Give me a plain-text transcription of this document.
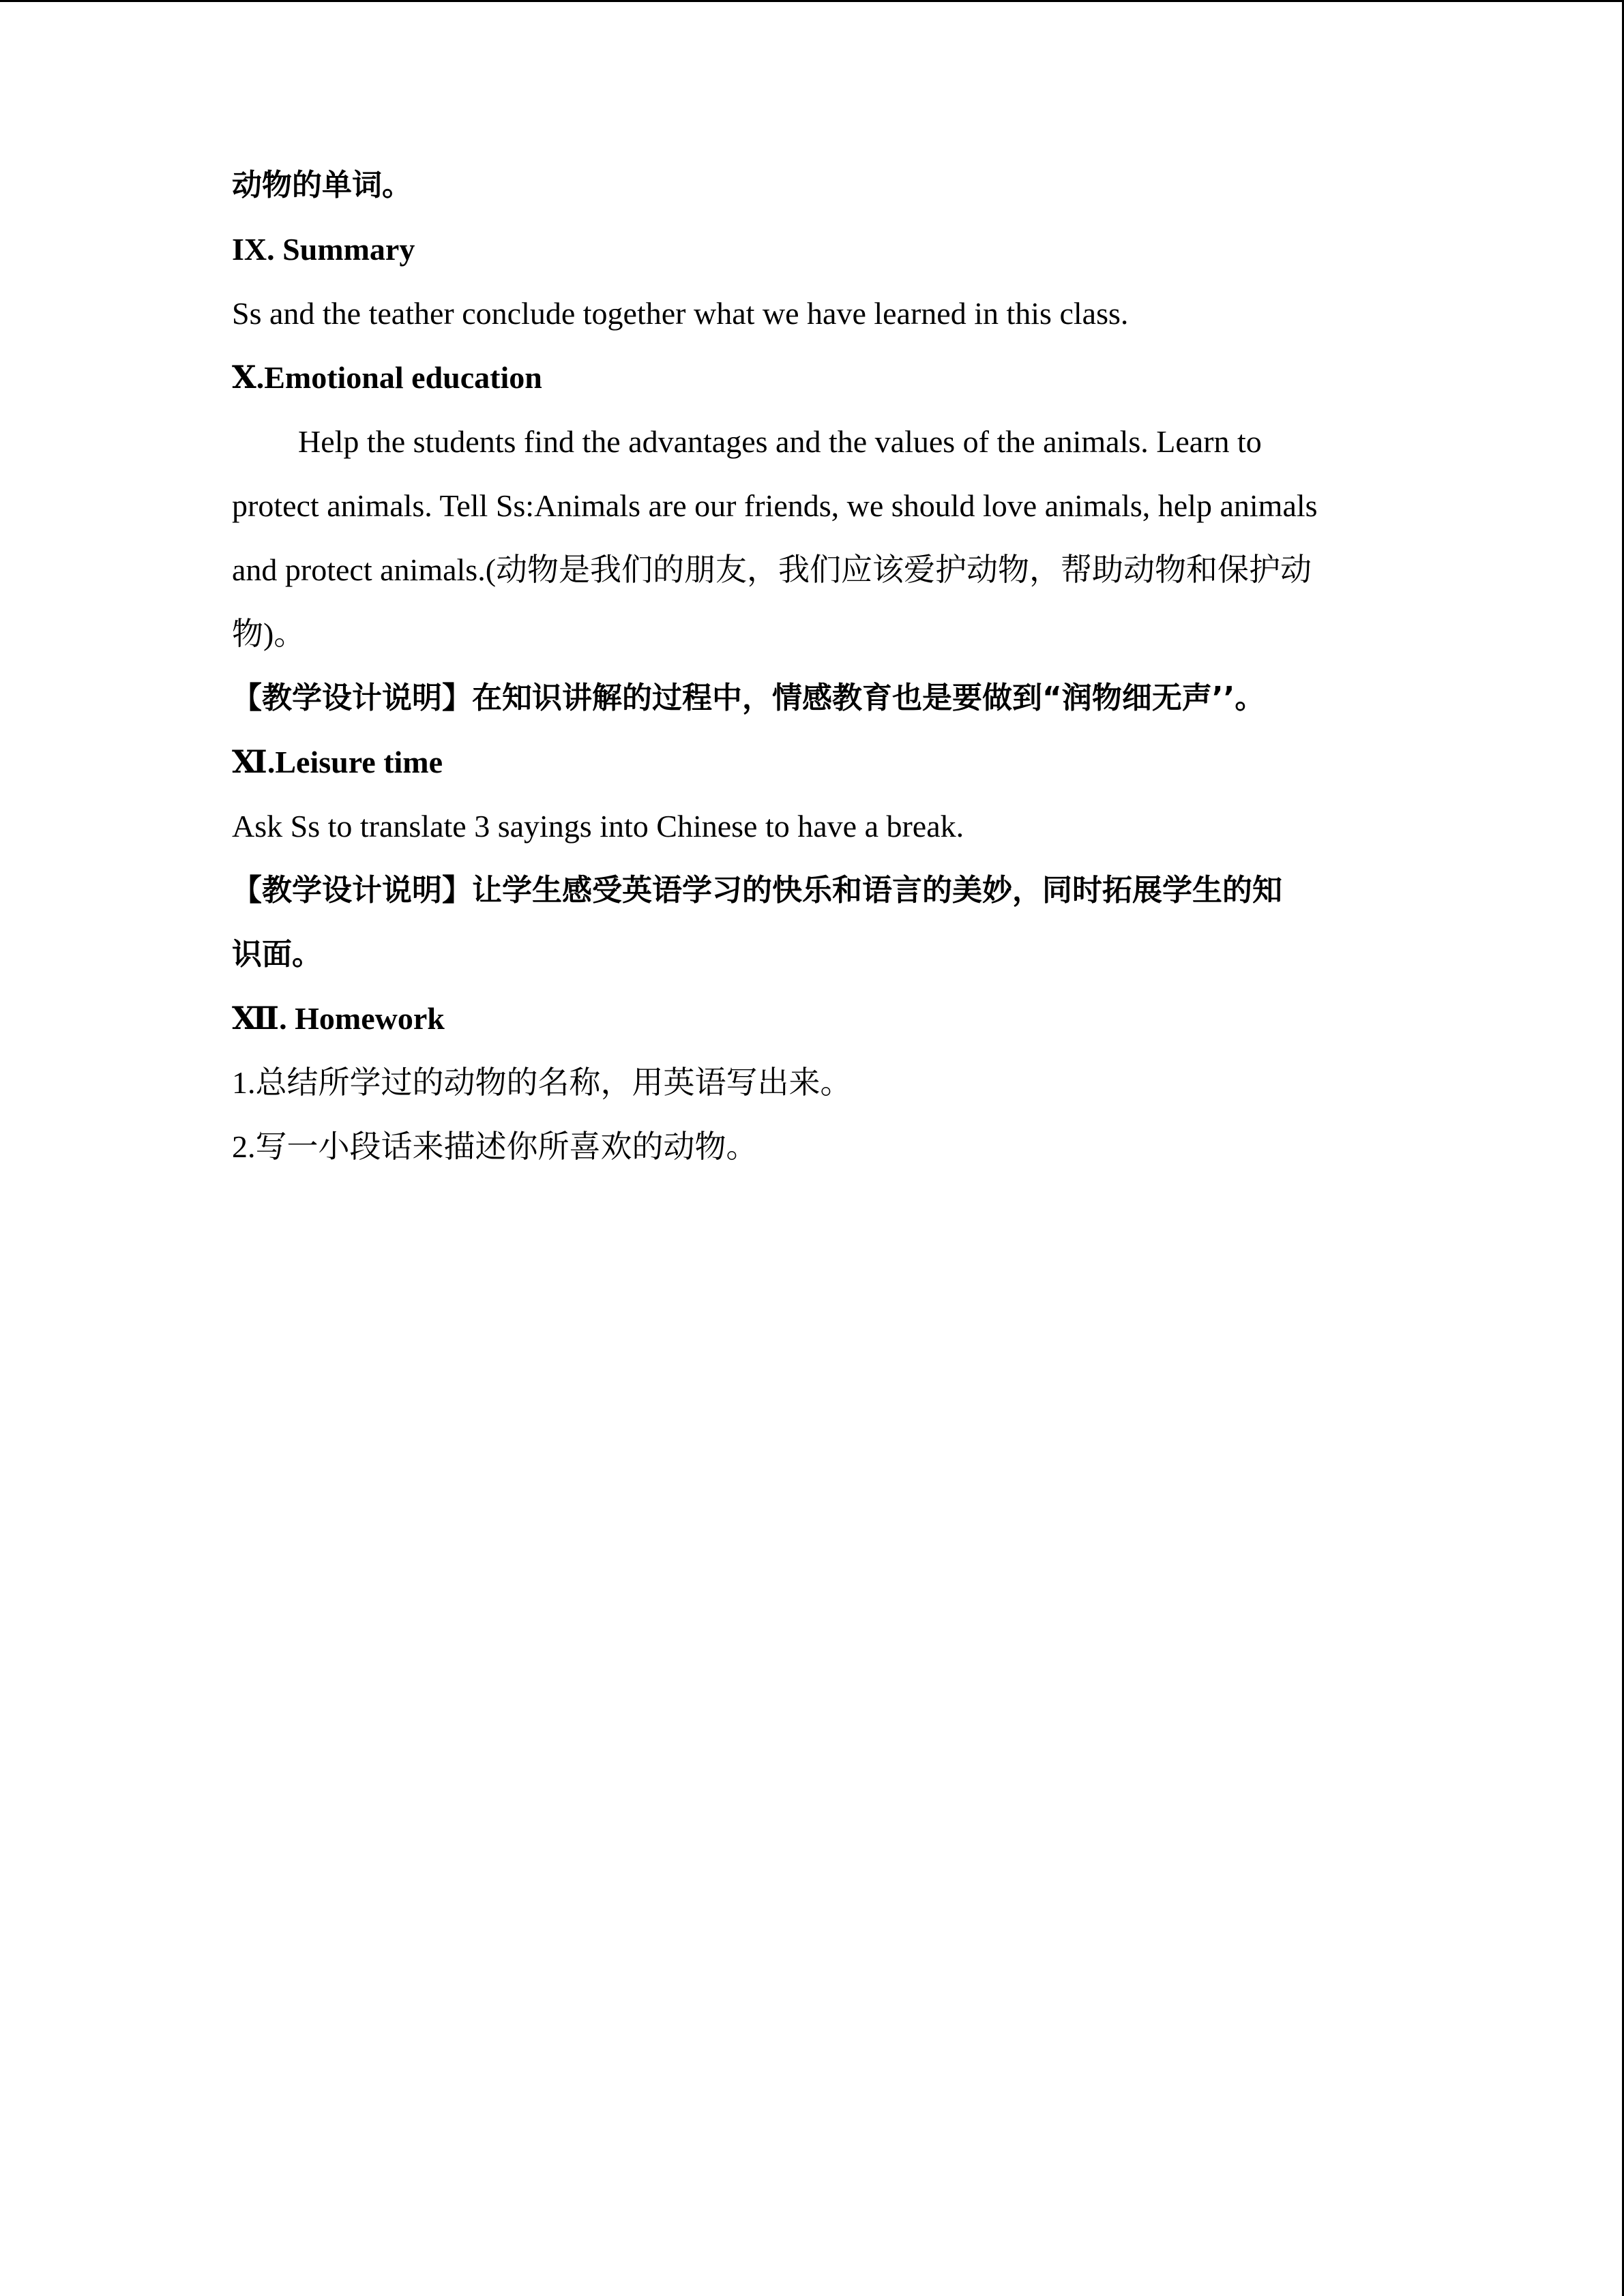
动物的单词。
IX. Summary
Ss and the teather conclude together what we have learned in this class.
Ⅹ.Emotional education
Help the students find the advantages and the values of the animals. Learn to
protect animals. Tell Ss:Animals are our friends, we should love animals, help animals
and protect animals.(动物是我们的朋友，我们应该爱护动物，帮助动物和保护动
物)。
【教学设计说明】在知识讲解的过程中，情感教育也是要做到“润物细无声’’。
Ⅺ.Leisure time
Ask Ss to translate 3 sayings into Chinese to have a break.
【教学设计说明】让学生感受英语学习的快乐和语言的美妙，同时拓展学生的知
识面。
Ⅻ. Homework
1.总结所学过的动物的名称，用英语写出来。
2.写一小段话来描述你所喜欢的动物。
